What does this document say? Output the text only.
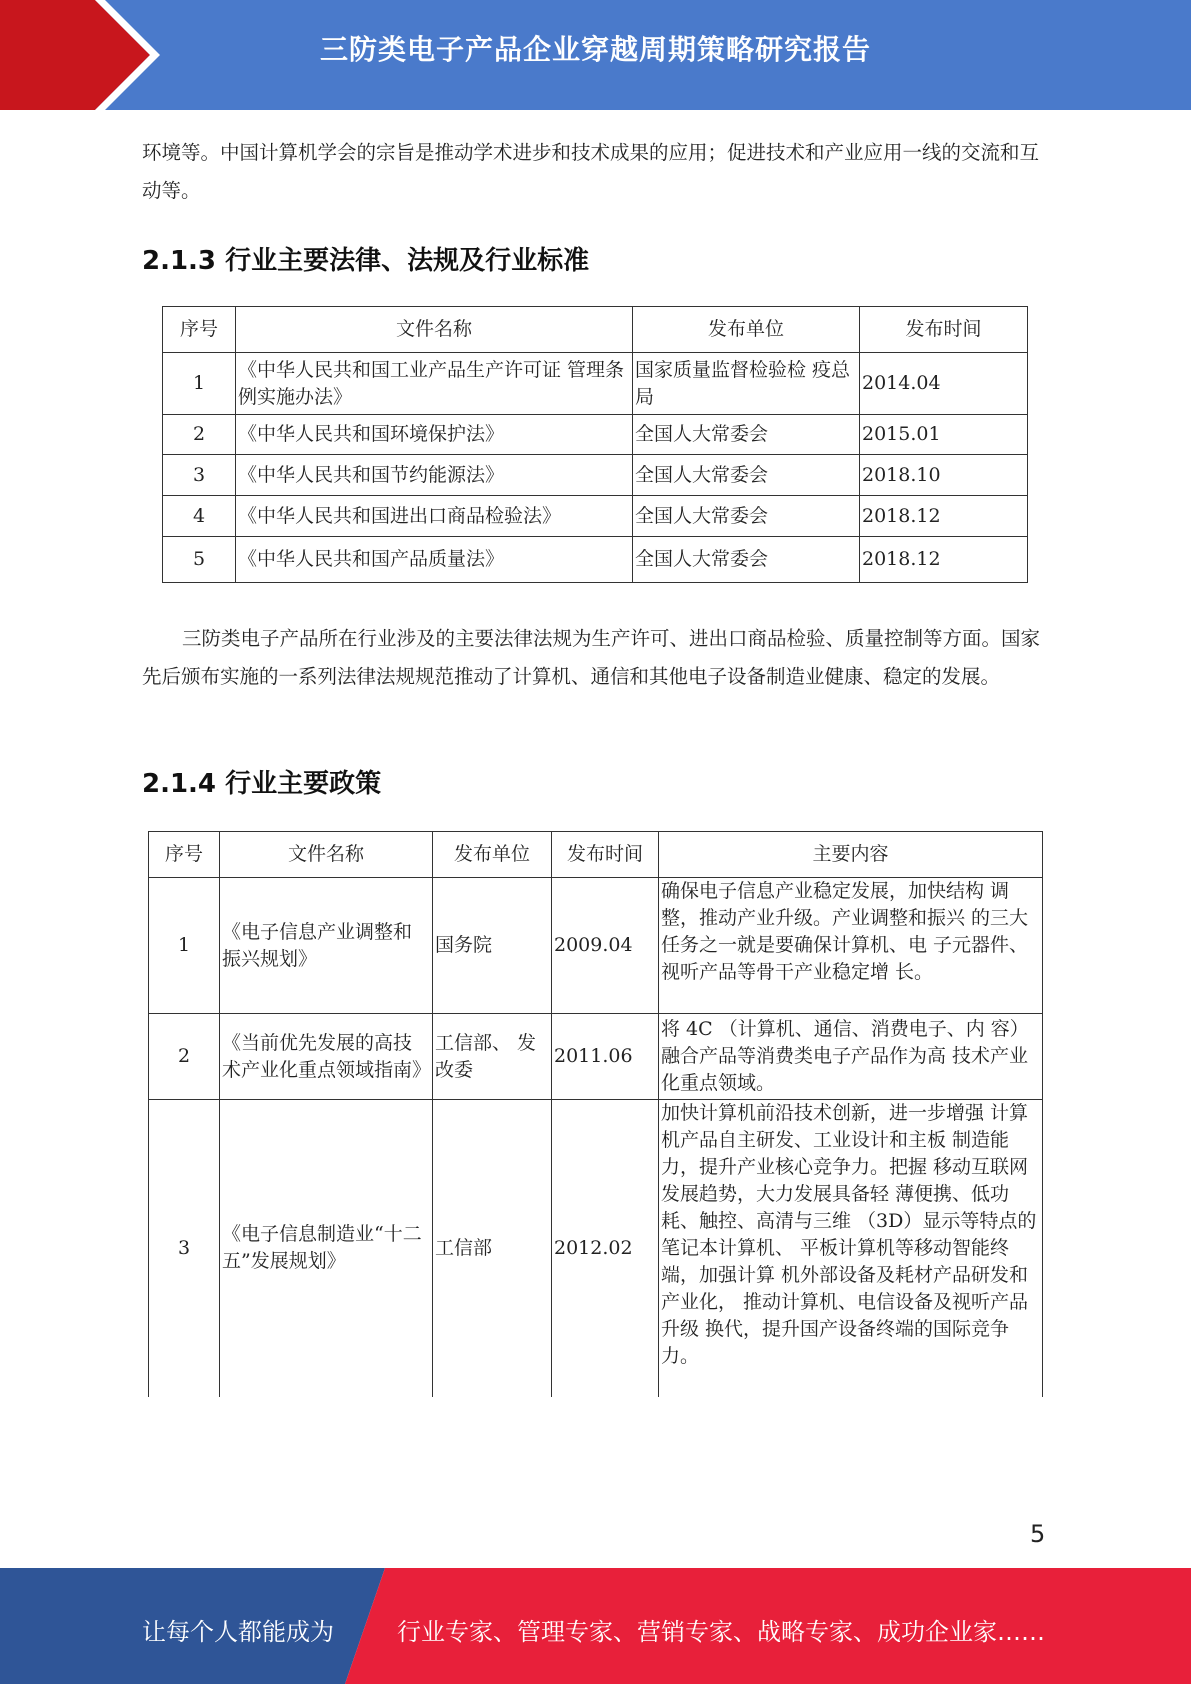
三防类电子产品企业穿越周期策略研究报告

环境等。中国计算机学会的宗旨是推动学术进步和技术成果的应用；促进技术和产业应用一线的交流和互动等。

2.1.3 行业主要法律、法规及行业标准
序号	文件名称	发布单位	发布时间
1	《中华人民共和国工业产品生产许可证 管理条例实施办法》	国家质量监督检验检 疫总局	2014.04
2	《中华人民共和国环境保护法》	全国人大常委会	2015.01
3	《中华人民共和国节约能源法》	全国人大常委会	2018.10
4	《中华人民共和国进出口商品检验法》	全国人大常委会	2018.12
5	《中华人民共和国产品质量法》	全国人大常委会	2018.12

三防类电子产品所在行业涉及的主要法律法规为生产许可、进出口商品检验、质量控制等方面。国家先后颁布实施的一系列法律法规规范推动了计算机、通信和其他电子设备制造业健康、稳定的发展。

2.1.4 行业主要政策
序号	文件名称	发布单位	发布时间	主要内容
1	《电子信息产业调整和振兴规划》	国务院	2009.04	确保电子信息产业稳定发展，加快结构 调整，推动产业升级。产业调整和振兴 的三大任务之一就是要确保计算机、电 子元器件、视听产品等骨干产业稳定增 长。
2	《当前优先发展的高技术产业化重点领域指南》	工信部、 发改委	2011.06	将 4C （计算机、通信、消费电子、内 容）融合产品等消费类电子产品作为高 技术产业化重点领域。
3	《电子信息制造业“十二五”发展规划》	工信部	2012.02	加快计算机前沿技术创新，进一步增强 计算机产品自主研发、工业设计和主板 制造能力，提升产业核心竞争力。把握 移动互联网发展趋势，大力发展具备轻 薄便携、低功耗、触控、高清与三维 （3D）显示等特点的笔记本计算机、 平板计算机等移动智能终端，加强计算 机外部设备及耗材产品研发和产业化， 推动计算机、电信设备及视听产品升级 换代，提升国产设备终端的国际竞争 力。
5
让每个人都能成为	行业专家、管理专家、营销专家、战略专家、成功企业家……
